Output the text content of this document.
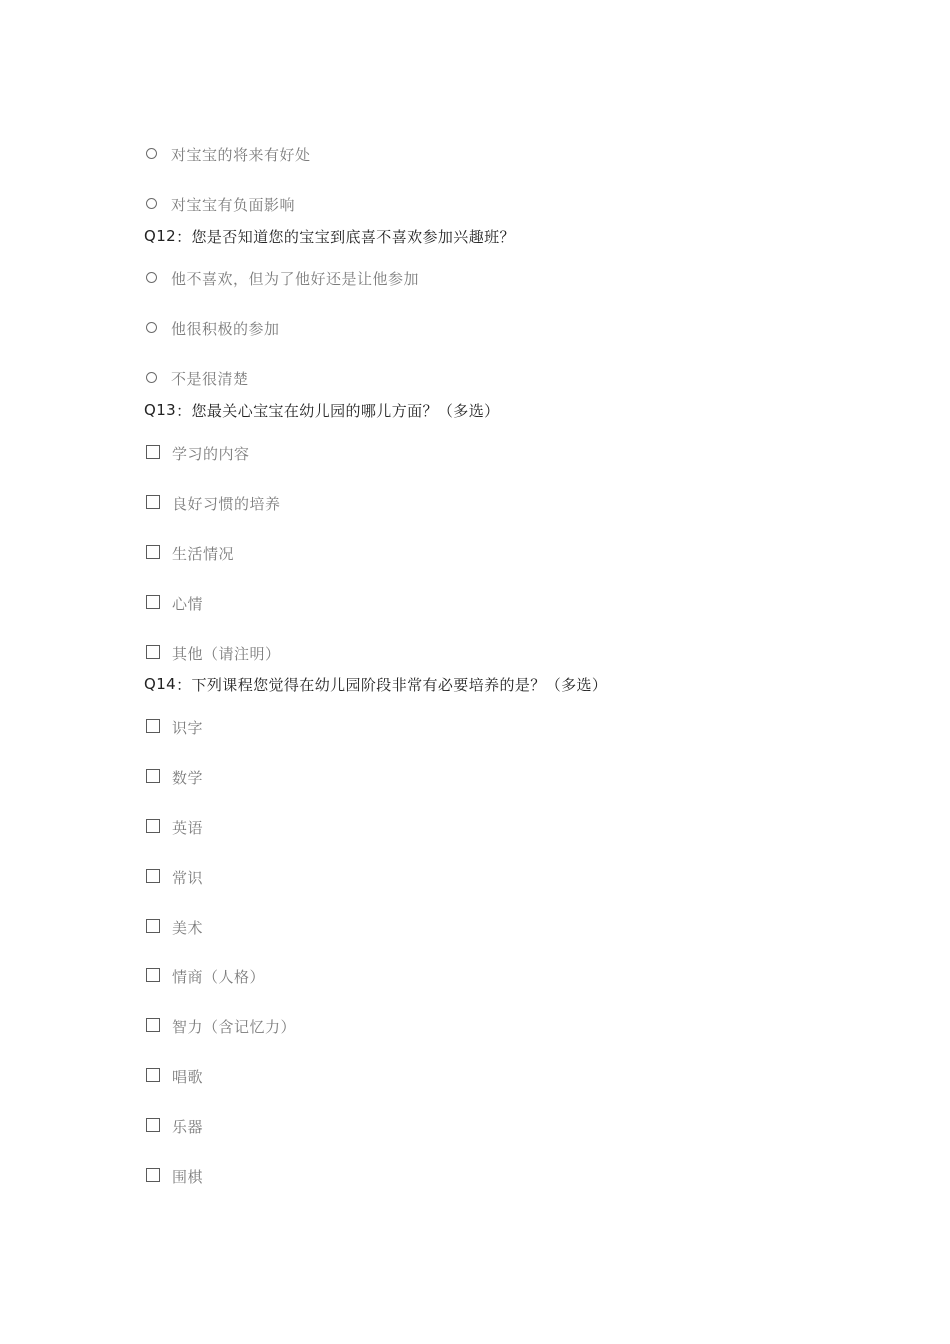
对宝宝的将来有好处
对宝宝有负面影响
Q12 ：您是否知道您的宝宝到底喜不喜欢参加兴趣班？
他不喜欢，但为了他好还是让他参加
他很积极的参加
不是很清楚
Q13 ：您最关心宝宝在幼儿园的哪儿方面？（多选）
学习的内容
良好习惯的培养
生活情况
心情
其他（请注明）
Q14 ：下列课程您觉得在幼儿园阶段非常有必要培养的是？（多选）
识字
数学
英语
常识
美术
情商（人格）
智力（含记忆力）
唱歌
乐器
围棋
